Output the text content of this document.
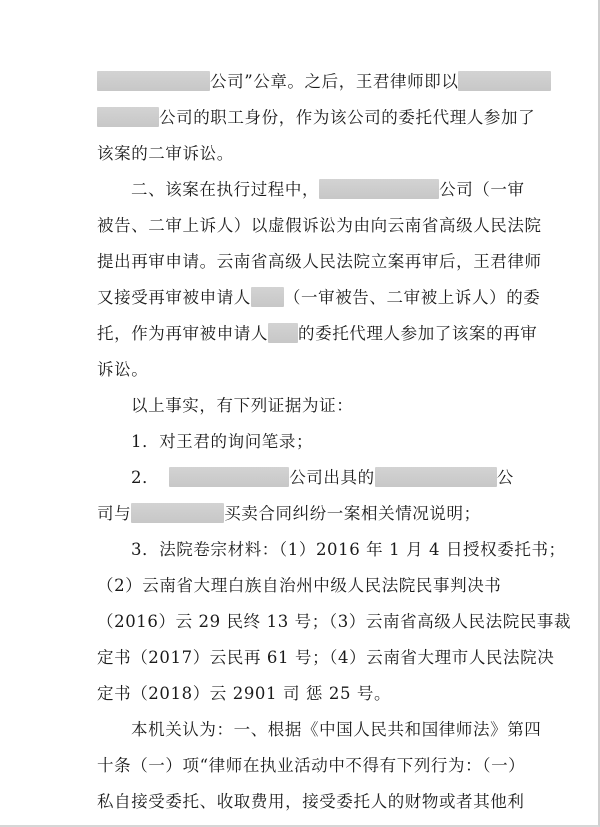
公司”公章。之后，王君律师即以
公司的职工身份，作为该公司的委托代理人参加了
该案的二审诉讼。
二、该案在执行过程中，	公司（一审
被告、二审上诉人）以虚假诉讼为由向云南省高级人民法院
提出再审申请。云南省高级人民法院立案再审后，王君律师
又接受再审被申请人 （一审被告、二审被上诉人）的委
托，作为再审被申请人 的委托代理人参加了该案的再审
诉讼。
以上事实，有下列证据为证：
1．对王君的询问笔录；
2．	公司出具的	公
司与	买卖合同纠纷一案相关情况说明；
3．法院卷宗材料：（1）2016 年 1 月 4 日授权委托书；
（2）云南省大理白族自治州中级人民法院民事判决书
（2016）云 29 民终 13 号；（3）云南省高级人民法院民事裁
定书（2017）云民再 61 号；（4）云南省大理市人民法院决
定书（2018）云 2901 司 惩 25 号。
本机关认为：一、根据《中国人民共和国律师法》第四
十条（一）项“律师在执业活动中不得有下列行为：（一）
私自接受委托、收取费用，接受委托人的财物或者其他利
